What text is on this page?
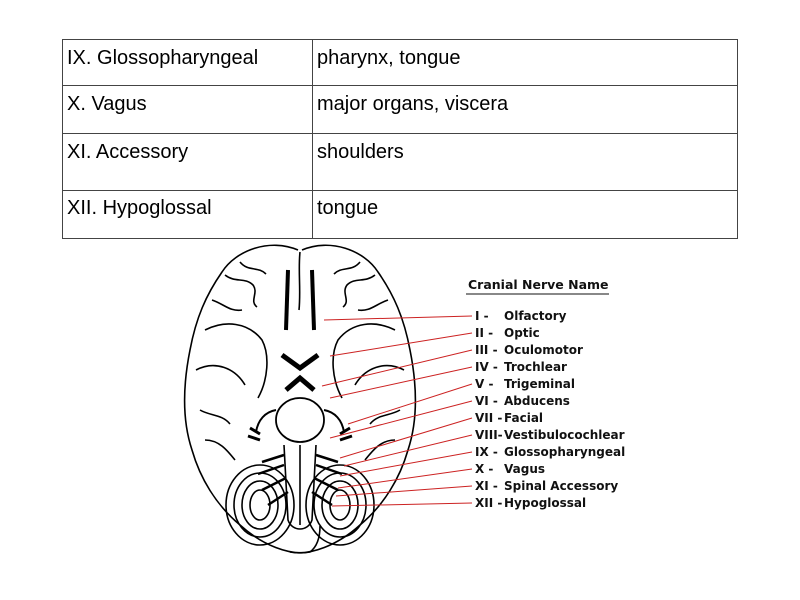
IX. Glossopharyngeal	pharynx, tongue
X. Vagus	major organs, viscera
XI. Accessory	shoulders
XII. Hypoglossal	tongue
Cranial Nerve Name
I - Olfactory
II - Optic
III - Oculomotor
IV - Trochlear
V - Trigeminal
VI - Abducens
VII - Facial
VIII- Vestibulocochlear
IX - Glossopharyngeal
X - Vagus
XI - Spinal Accessory
XII - Hypoglossal
